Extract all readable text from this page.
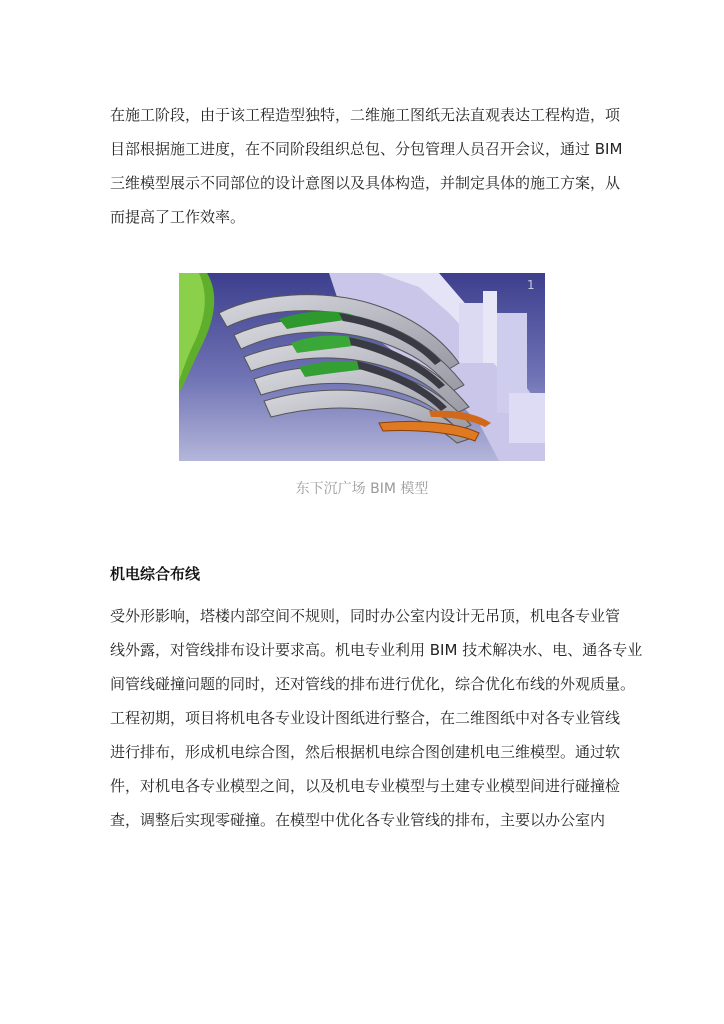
在施工阶段，由于该工程造型独特，二维施工图纸无法直观表达工程构造，项
目部根据施工进度，在不同阶段组织总包、分包管理人员召开会议，通过 BIM
三维模型展示不同部位的设计意图以及具体构造，并制定具体的施工方案，从
而提高了工作效率。

1
东下沉广场 BIM 模型
机电综合布线

受外形影响，塔楼内部空间不规则，同时办公室内设计无吊顶，机电各专业管
线外露，对管线排布设计要求高。机电专业利用 BIM 技术解决水、电、通各专业
间管线碰撞问题的同时，还对管线的排布进行优化，综合优化布线的外观质量。
工程初期，项目将机电各专业设计图纸进行整合，在二维图纸中对各专业管线
进行排布，形成机电综合图，然后根据机电综合图创建机电三维模型。通过软
件，对机电各专业模型之间，以及机电专业模型与土建专业模型间进行碰撞检
查，调整后实现零碰撞。在模型中优化各专业管线的排布，主要以办公室内
